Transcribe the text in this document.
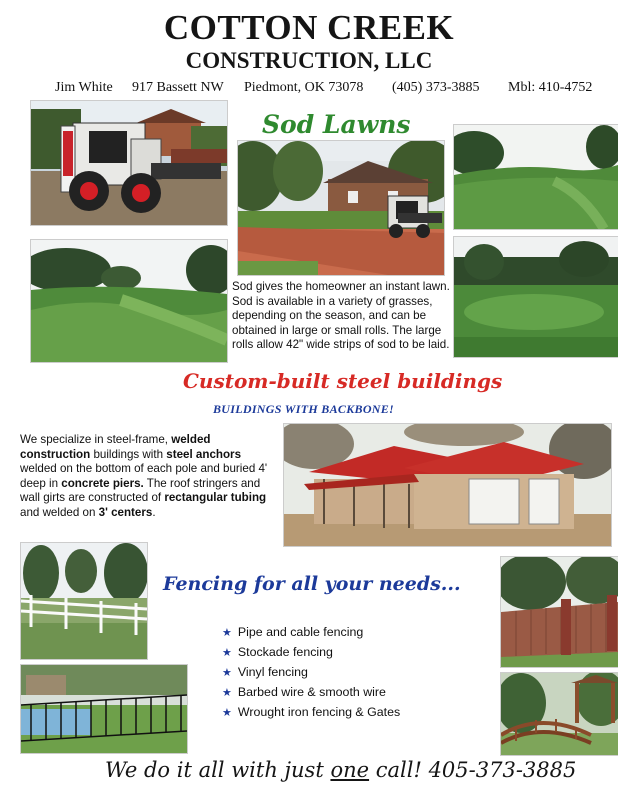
COTTON CREEK
CONSTRUCTION, LLC
Jim White 917 Bassett NW Piedmont, OK 73078 (405) 373-3885 Mbl: 410-4752
Sod Lawns
Sod gives the homeowner an instant lawn. Sod is available in a variety of grasses, depending on the season, and can be obtained in large or small rolls. The large rolls allow 42" wide strips of sod to be laid.
Custom-built steel buildings
BUILDINGS WITH BACKBONE!
We specialize in steel-frame, welded construction buildings with steel anchors welded on the bottom of each pole and buried 4' deep in concrete piers. The roof stringers and wall girts are constructed of rectangular tubing and welded on 3' centers.
Fencing for all your needs...
★ Pipe and cable fencing
★ Stockade fencing
★ Vinyl fencing
★ Barbed wire & smooth wire
★ Wrought iron fencing & Gates
We do it all with just one call! 405-373-3885
